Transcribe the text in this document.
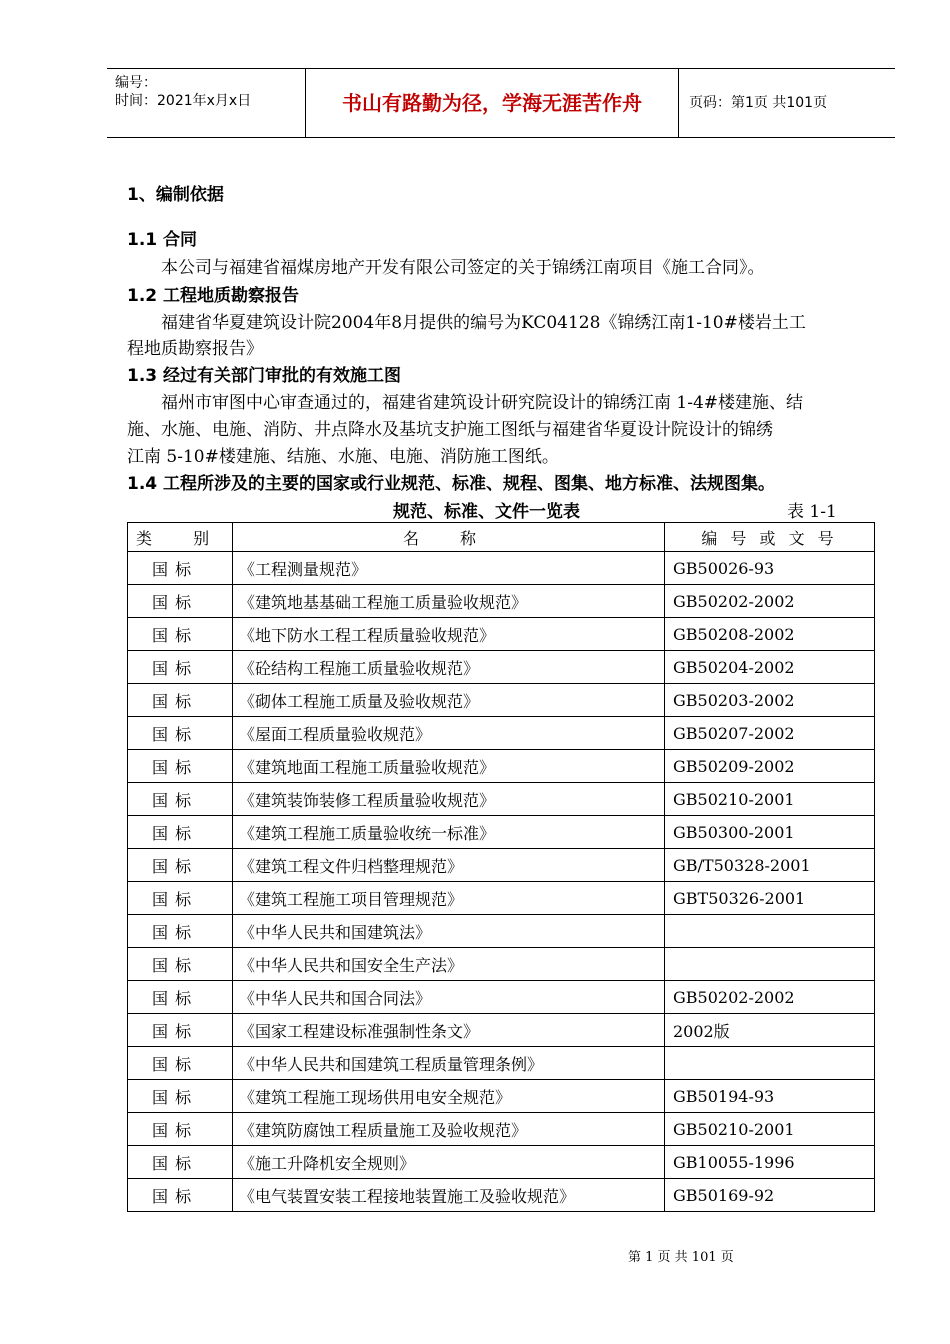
编号：
时间：2021年x月x日	书山有路勤为径，学海无涯苦作舟	页码：第1页 共101页
1、编制依据
1.1 合同
本公司与福建省福煤房地产开发有限公司签定的关于锦绣江南项目《施工合同》。
1.2 工程地质勘察报告
福建省华夏建筑设计院2004年8月提供的编号为KC04128《锦绣江南1-10#楼岩土工
程地质勘察报告》
1.3 经过有关部门审批的有效施工图
福州市审图中心审查通过的，福建省建筑设计研究院设计的锦绣江南 1-4#楼建施、结
施、水施、电施、消防、井点降水及基坑支护施工图纸与福建省华夏设计院设计的锦绣
江南 5-10#楼建施、结施、水施、电施、消防施工图纸。
1.4 工程所涉及的主要的国家或行业规范、标准、规程、图集、地方标准、法规图集。
规范、标准、文件一览表	表 1-1
类 别	名 称	编 号 或 文 号
国 标	《工程测量规范》	GB50026-93
国 标	《建筑地基基础工程施工质量验收规范》	GB50202-2002
国 标	《地下防水工程工程质量验收规范》	GB50208-2002
国 标	《砼结构工程施工质量验收规范》	GB50204-2002
国 标	《砌体工程施工质量及验收规范》	GB50203-2002
国 标	《屋面工程质量验收规范》	GB50207-2002
国 标	《建筑地面工程施工质量验收规范》	GB50209-2002
国 标	《建筑装饰装修工程质量验收规范》	GB50210-2001
国 标	《建筑工程施工质量验收统一标准》	GB50300-2001
国 标	《建筑工程文件归档整理规范》	GB/T50328-2001
国 标	《建筑工程施工项目管理规范》	GBT50326-2001
国 标	《中华人民共和国建筑法》	
国 标	《中华人民共和国安全生产法》	
国 标	《中华人民共和国合同法》	GB50202-2002
国 标	《国家工程建设标准强制性条文》	2002版
国 标	《中华人民共和国建筑工程质量管理条例》	
国 标	《建筑工程施工现场供用电安全规范》	GB50194-93
国 标	《建筑防腐蚀工程质量施工及验收规范》	GB50210-2001
国 标	《施工升降机安全规则》	GB10055-1996
国 标	《电气装置安装工程接地装置施工及验收规范》	GB50169-92
第 1 页 共 101 页
